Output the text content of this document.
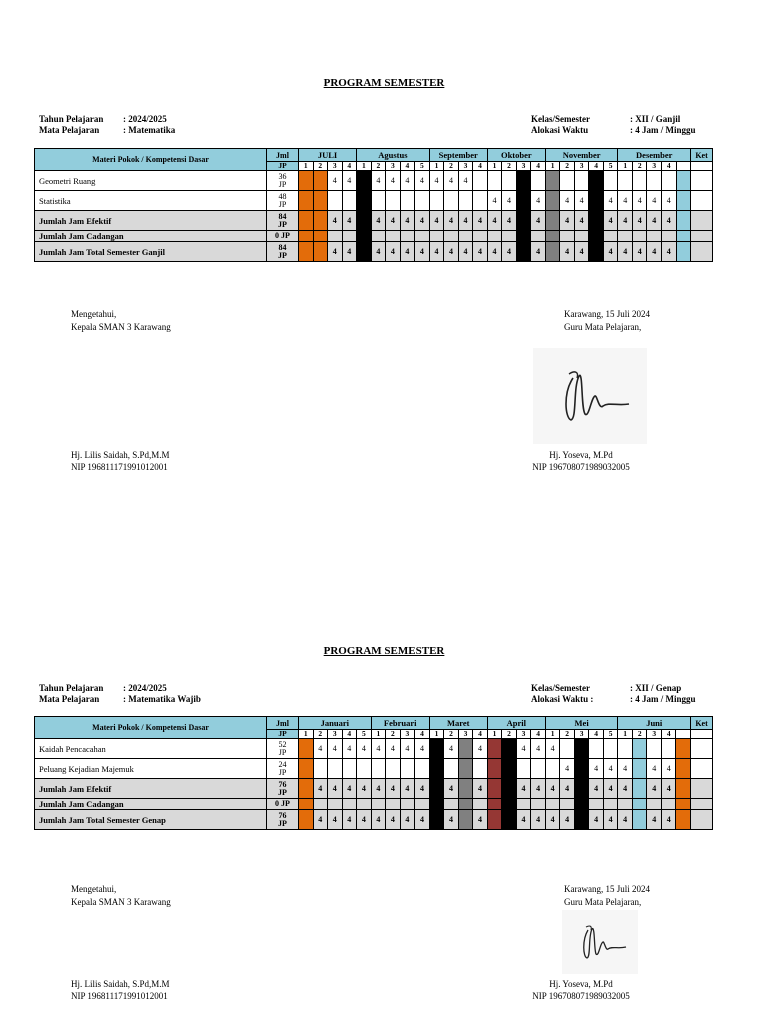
PROGRAM SEMESTER
Tahun Pelajaran	: 2024/2025
Mata Pelajaran	: Matematika
Kelas/Semester	: XII / Ganjil
Alokasi Waktu	: 4 Jam / Minggu
Materi Pokok / Kompetensi Dasar	Jml	JULI				Agustus					September				Oktober				November					Desember					Ket
	JP	1	2	3	4	1	2	3	4	5	1	2	3	4	1	2	3	4	1	2	3	4	5	1	2	3	4		
Geometri Ruang	36
JP			4	4		4	4	4	4	4	4	4																
Statistika	48
JP														4	4		4		4	4		4	4	4	4	4		
Jumlah Jam Efektif	84
JP			4	4		4	4	4	4	4	4	4	4	4	4		4		4	4		4	4	4	4	4		
Jumlah Jam Cadangan	0 JP																												

Jumlah Jam Total Semester Ganjil	84
JP			4	4		4	4	4	4	4	4	4	4	4	4		4		4	4		4	4	4	4	4		
Mengetahui,
Kepala SMAN 3 Karawang
Karawang, 15 Juli 2024
Guru Mata Pelajaran,
Hj. Lilis Saidah, S.Pd,M.M
NIP 196811171991012001
Hj. Yoseva, M.Pd
NIP 196708071989032005
PROGRAM SEMESTER
Tahun Pelajaran	: 2024/2025
Mata Pelajaran	: Matematika Wajib
Kelas/Semester	: XII / Genap
Alokasi Waktu :	: 4 Jam / Minggu
Materi Pokok / Kompetensi Dasar	Jml	Januari					Februari				Maret				April				Mei					Juni					Ket
	JP	1	2	3	4	5	1	2	3	4	1	2	3	4	1	2	3	4	1	2	3	4	5	1	2	3	4		
Kaidah Pencacahan	52
JP		4	4	4	4	4	4	4	4		4		4			4	4	4										
Peluang Kejadian Majemuk	24
JP																			4		4	4	4		4	4		
Jumlah Jam Efektif	76
JP		4	4	4	4	4	4	4	4		4		4			4	4	4	4		4	4	4		4	4		
Jumlah Jam Cadangan	0 JP																												

Jumlah Jam Total Semester Genap	76
JP		4	4	4	4	4	4	4	4		4		4			4	4	4	4		4	4	4		4	4		
Mengetahui,
Kepala SMAN 3 Karawang
Karawang, 15 Juli 2024
Guru Mata Pelajaran,
Hj. Lilis Saidah, S.Pd,M.M
NIP 196811171991012001
Hj. Yoseva, M.Pd
NIP 196708071989032005
